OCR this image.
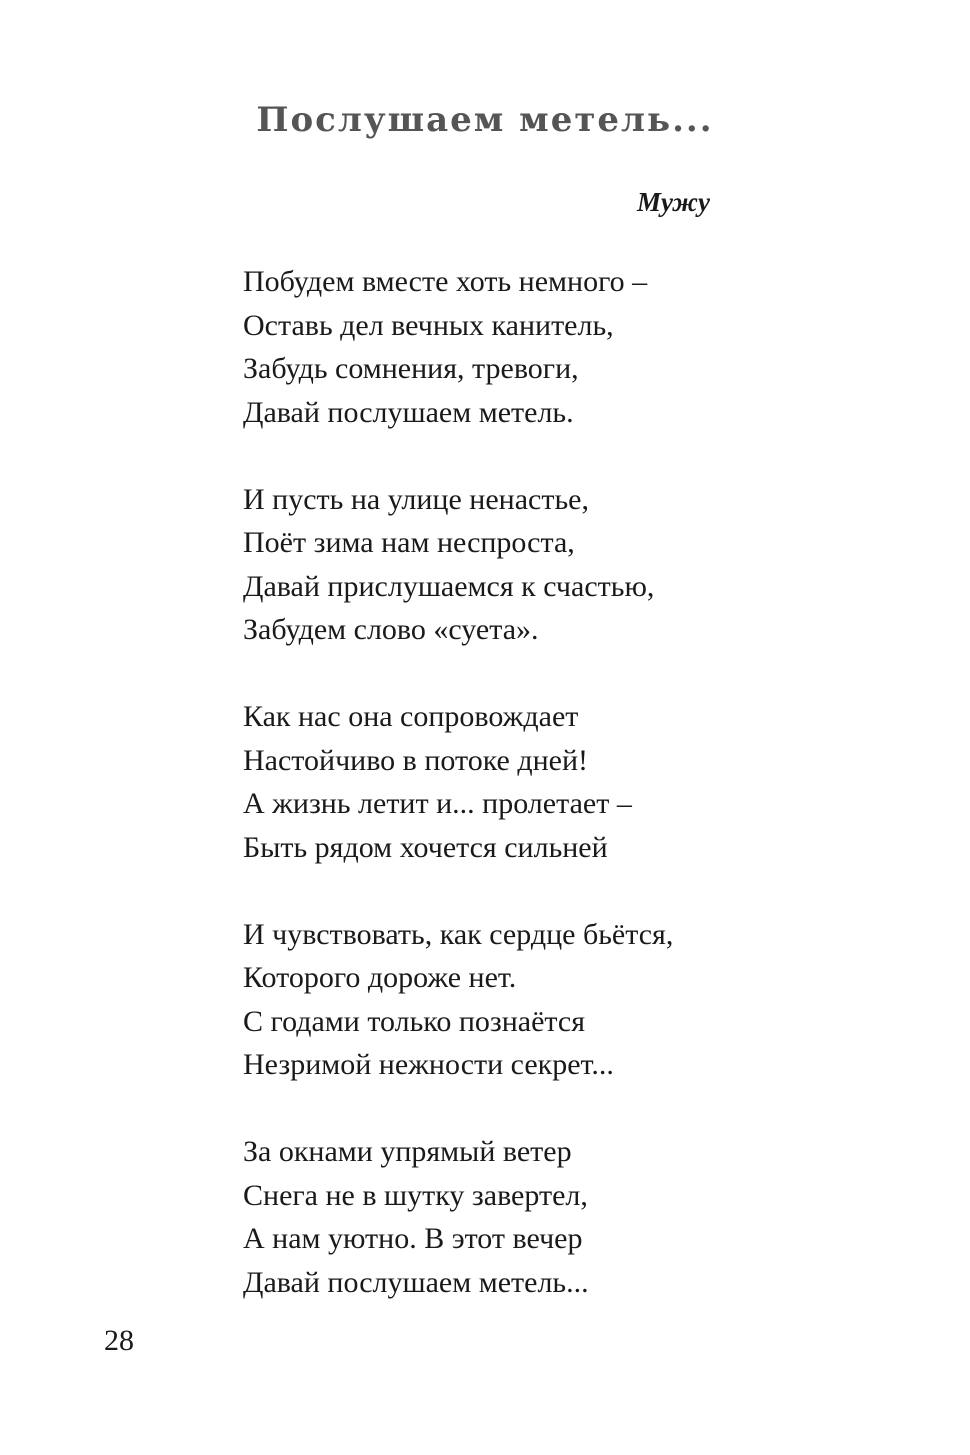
Послушаем метель...
Мужу
Побудем вместе хоть немного –
Оставь дел вечных канитель,
Забудь сомнения, тревоги,
Давай послушаем метель.
И пусть на улице ненастье,
Поёт зима нам неспроста,
Давай прислушаемся к счастью,
Забудем слово «суета».
Как нас она сопровождает
Настойчиво в потоке дней!
А жизнь летит и... пролетает –
Быть рядом хочется сильней
И чувствовать, как сердце бьётся,
Которого дороже нет.
С годами только познаётся
Незримой нежности секрет...
За окнами упрямый ветер
Снега не в шутку завертел,
А нам уютно. В этот вечер
Давай послушаем метель...
28
